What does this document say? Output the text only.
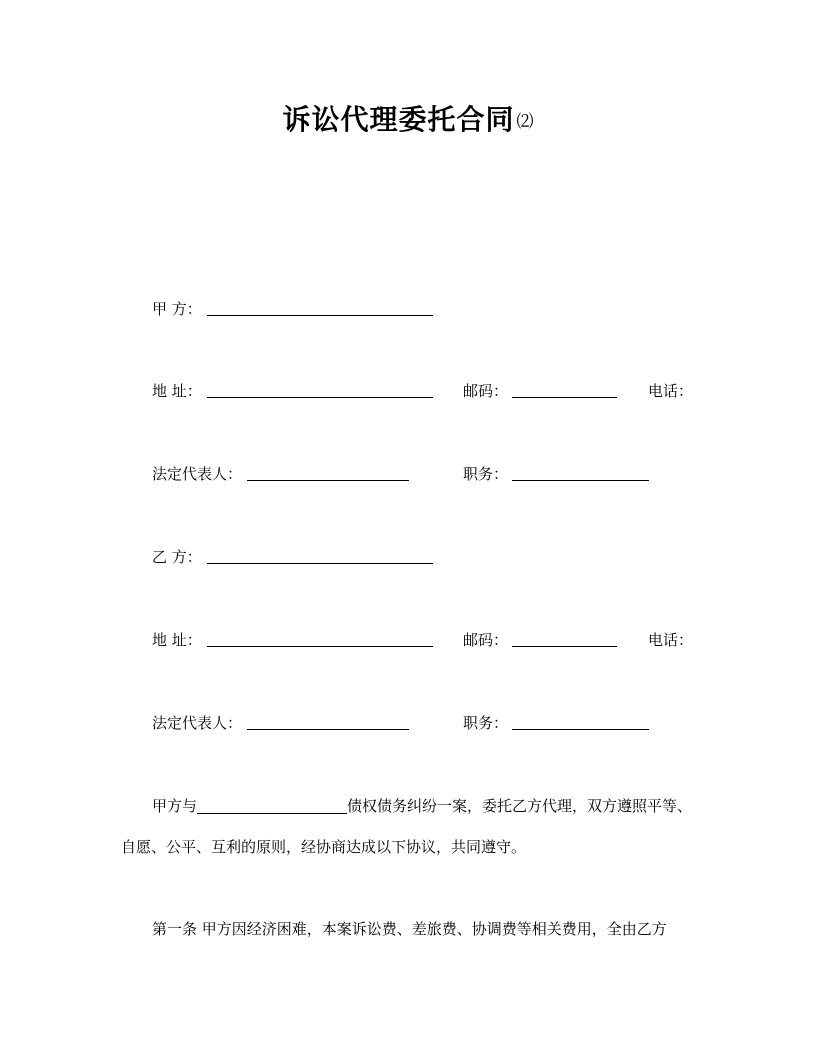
诉讼代理委托合同 ⑵
甲 方：
地 址：	邮码：	电话：
法定代表人：	职务：
乙 方：
地 址：	邮码：	电话：
法定代表人：	职务：
甲方与	债权债务纠纷一案，委托乙方代理，双方遵照平等、
自愿、公平、互利的原则，经协商达成以下协议，共同遵守。
第一条 甲方因经济困难，本案诉讼费、差旅费、协调费等相关费用，全由乙方
